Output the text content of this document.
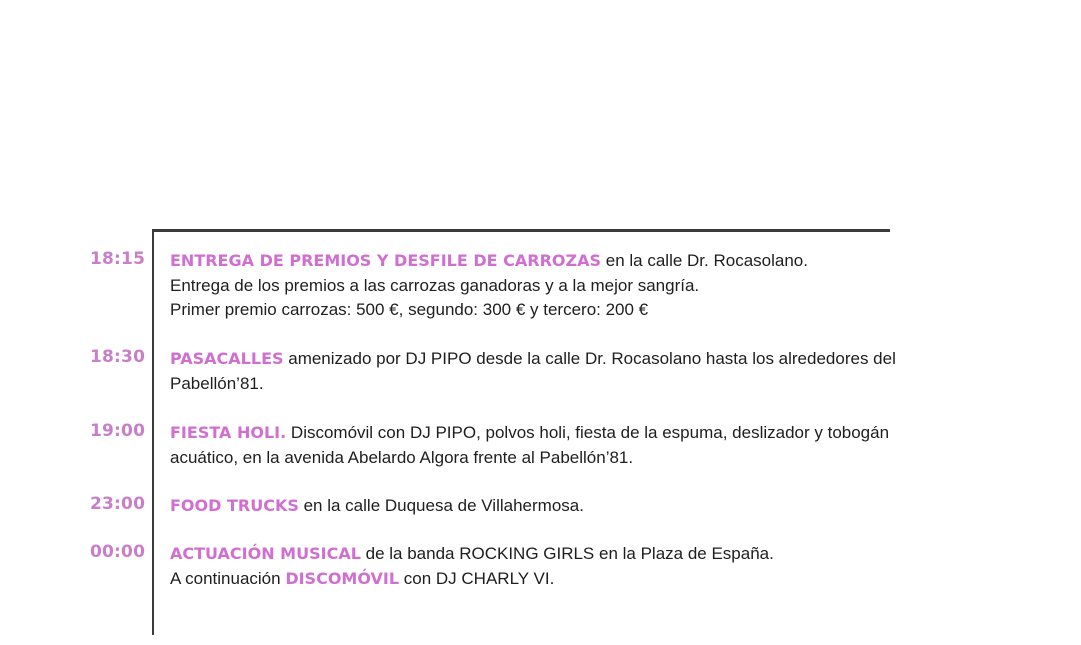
18:15 ENTREGA DE PREMIOS Y DESFILE DE CARROZAS en la calle Dr. Rocasolano.
Entrega de los premios a las carrozas ganadoras y a la mejor sangría.
Primer premio carrozas: 500 €, segundo: 300 € y tercero: 200 €
18:30 PASACALLES amenizado por DJ PIPO desde la calle Dr. Rocasolano hasta los alrededores del
Pabellón’81.
19:00 FIESTA HOLI. Discomóvil con DJ PIPO, polvos holi, fiesta de la espuma, deslizador y tobogán
acuático, en la avenida Abelardo Algora frente al Pabellón’81.
23:00 FOOD TRUCKS en la calle Duquesa de Villahermosa.
00:00 ACTUACIÓN MUSICAL de la banda ROCKING GIRLS en la Plaza de España.
A continuación DISCOMÓVIL con DJ CHARLY VI.
